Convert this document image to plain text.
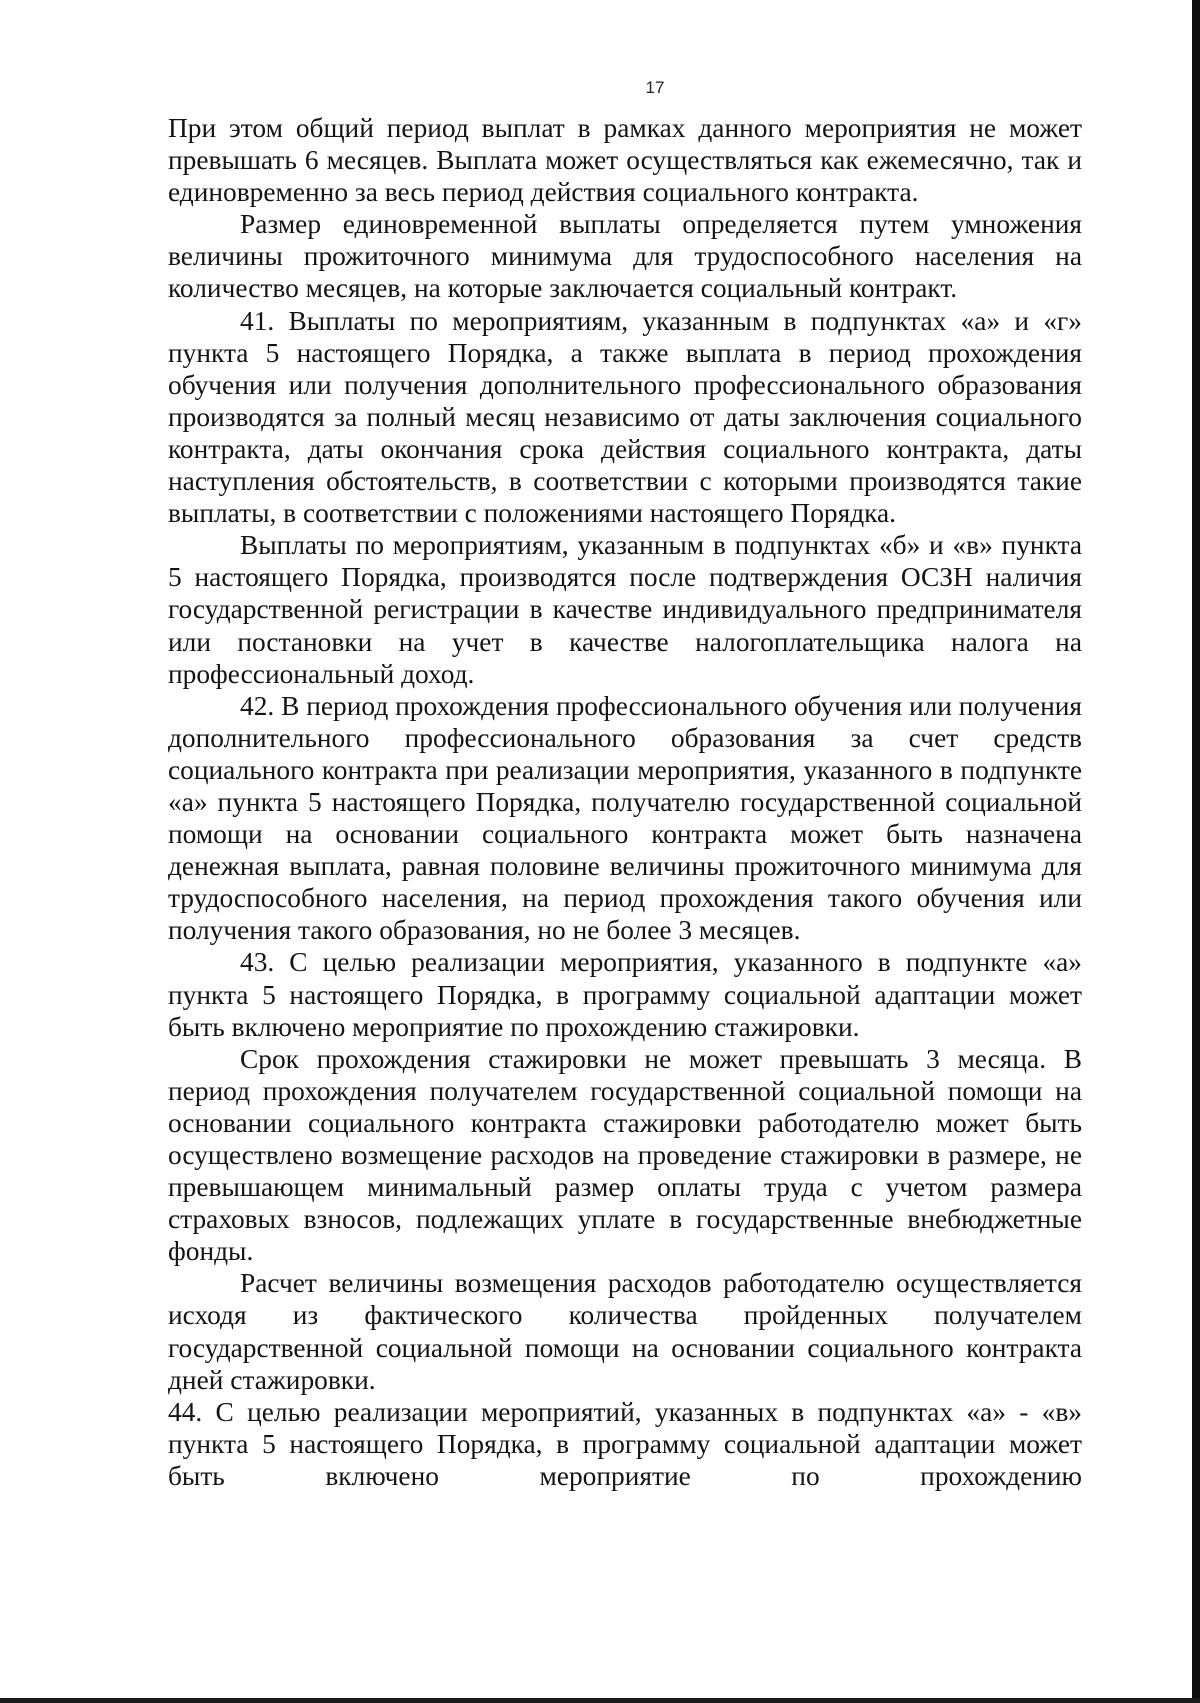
17

При этом общий период выплат в рамках данного мероприятия не может превышать 6 месяцев. Выплата может осуществляться как ежемесячно, так и единовременно за весь период действия социального контракта.

Размер единовременной выплаты определяется путем умножения величины прожиточного минимума для трудоспособного населения на количество месяцев, на которые заключается социальный контракт.

41. Выплаты по мероприятиям, указанным в подпунктах «а» и «г» пункта 5 настоящего Порядка, а также выплата в период прохождения обучения или получения дополнительного профессионального образования производятся за полный месяц независимо от даты заключения социального контракта, даты окончания срока действия социального контракта, даты наступления обстоятельств, в соответствии с которыми производятся такие выплаты, в соответствии с положениями настоящего Порядка.

Выплаты по мероприятиям, указанным в подпунктах «б» и «в» пункта 5 настоящего Порядка, производятся после подтверждения ОСЗН наличия государственной регистрации в качестве индивидуального предпринимателя или постановки на учет в качестве налогоплательщика налога на профессиональный доход.

42. В период прохождения профессионального обучения или получения дополнительного профессионального образования за счет средств социального контракта при реализации мероприятия, указанного в подпункте «а» пункта 5 настоящего Порядка, получателю государственной социальной помощи на основании социального контракта может быть назначена денежная выплата, равная половине величины прожиточного минимума для трудоспособного населения, на период прохождения такого обучения или получения такого образования, но не более 3 месяцев.

43. С целью реализации мероприятия, указанного в подпункте «а» пункта 5 настоящего Порядка, в программу социальной адаптации может быть включено мероприятие по прохождению стажировки.

Срок прохождения стажировки не может превышать 3 месяца. В период прохождения получателем государственной социальной помощи на основании социального контракта стажировки работодателю может быть осуществлено возмещение расходов на проведение стажировки в размере, не превышающем минимальный размер оплаты труда с учетом размера страховых взносов, подлежащих уплате в государственные внебюджетные фонды.

Расчет величины возмещения расходов работодателю осуществляется исходя из фактического количества пройденных получателем государственной социальной помощи на основании социального контракта дней стажировки.

44. С целью реализации мероприятий, указанных в подпунктах «а» - «в» пункта 5 настоящего Порядка, в программу социальной адаптации может быть включено мероприятие по прохождению
